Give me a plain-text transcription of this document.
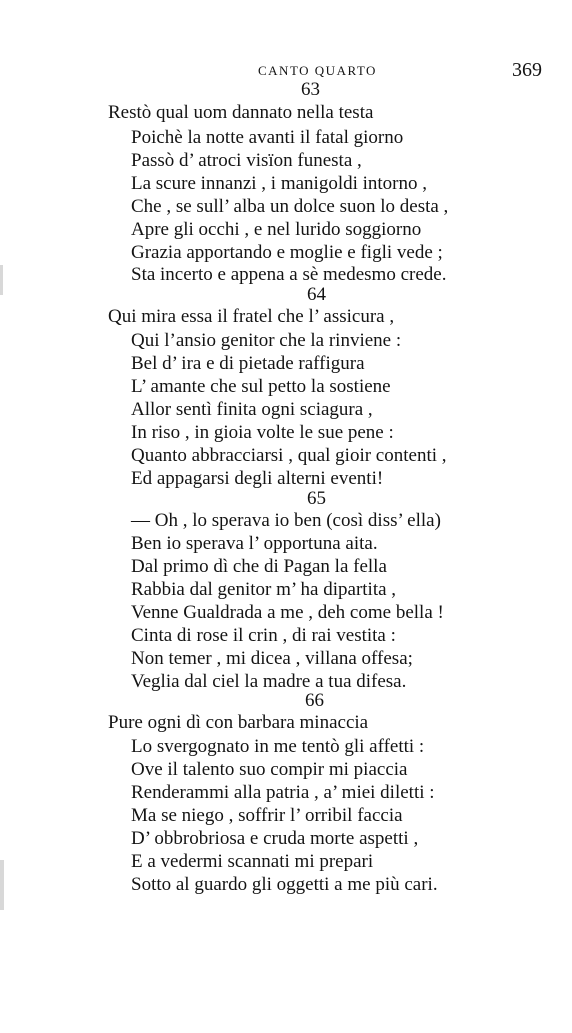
CANTO QUARTO	369
63
Restò qual uom dannato nella testa
Poichè la notte avanti il fatal giorno
Passò d’ atroci visïon funesta ,
La scure innanzi , i manigoldi intorno ,
Che , se sull’ alba un dolce suon lo desta ,
Apre gli occhi , e nel lurido soggiorno
Grazia apportando e moglie e figli vede ;
Sta incerto e appena a sè medesmo crede.
64
Qui mira essa il fratel che l’ assicura ,
Qui l’ansio genitor che la rinviene :
Bel d’ ira e di pietade raffigura
L’ amante che sul petto la sostiene
Allor sentì finita ogni sciagura ,
In riso , in gioia volte le sue pene :
Quanto abbracciarsi , qual gioir contenti ,
Ed appagarsi degli alterni eventi!
65
— Oh , lo sperava io ben (così diss’ ella)
Ben io sperava l’ opportuna aita.
Dal primo dì che di Pagan la fella
Rabbia dal genitor m’ ha dipartita ,
Venne Gualdrada a me , deh come bella !
Cinta di rose il crin , di rai vestita :
Non temer , mi dicea , villana offesa;
Veglia dal ciel la madre a tua difesa.
66
Pure ogni dì con barbara minaccia
Lo svergognato in me tentò gli affetti :
Ove il talento suo compir mi piaccia
Renderammi alla patria , a’ miei diletti :
Ma se niego , soffrir l’ orribil faccia
D’ obbrobriosa e cruda morte aspetti ,
E a vedermi scannati mi prepari
Sotto al guardo gli oggetti a me più cari.
